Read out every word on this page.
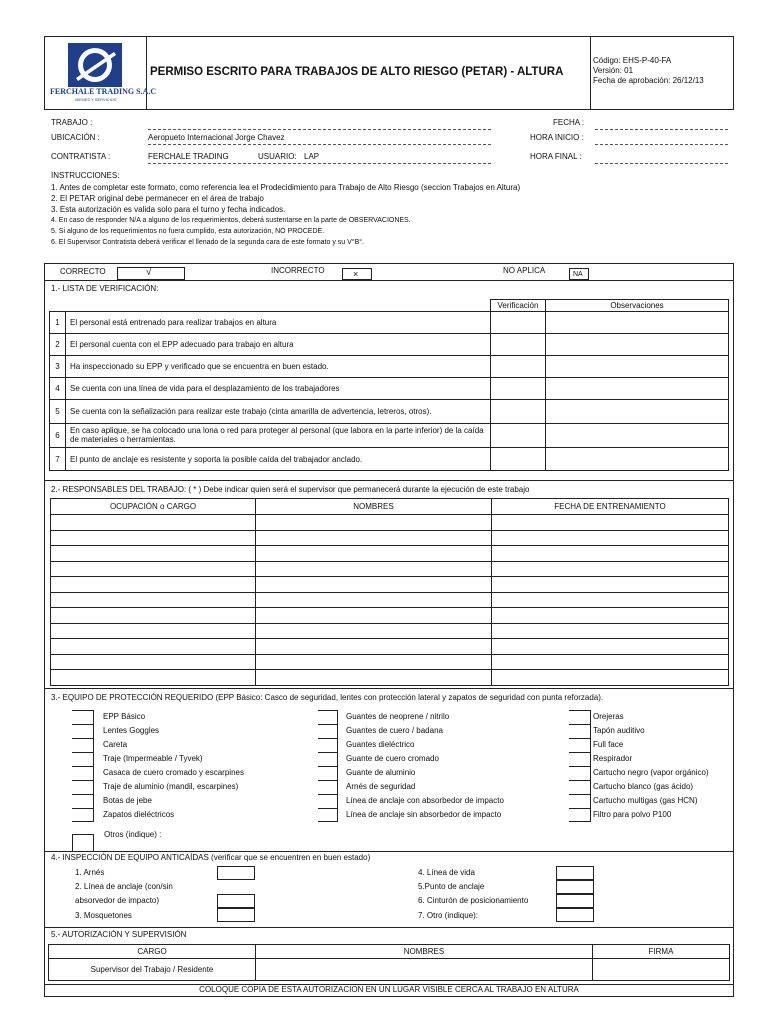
FERCHALE TRADING S.A.C
BIENES Y SERVICIOS
PERMISO ESCRITO PARA TRABAJOS DE ALTO RIESGO (PETAR) - ALTURA
Código: EHS-P-40-FA
Versión: 01
Fecha de aprobación: 26/12/13
TRABAJO :
UBICACIÓN :	Aeropueto Internacional Jorge Chavez
CONTRATISTA :	FERCHALE TRADING	USUARIO: LAP
FECHA :
HORA INICIO :
HORA FINAL :
INSTRUCCIONES:
1. Antes de completar este formato, como referencia lea el Prodecidimiento para Trabajo de Alto Riesgo (seccion Trabajos en Altura)
2. El PETAR original debe permanecer en el área de trabajo
3. Esta autorización es valida solo para el turno y fecha indicados.
4. En caso de responder N/A a alguno de los requerimientos, deberá sustentarse en la parte de OBSERVACIONES.
5. Si alguno de los requerimientos no fuera cumplido, esta autorización, NO PROCEDE.
6. El Supervisor Contratista deberá verificar el llenado de la segunda cara de este formato y su V°B°.
CORRECTO	√	INCORRECTO	×	NO APLICA	NA
1.- LISTA DE VERIFICACIÓN:
		Verificación	Observaciones
1	El personal está entrenado para realizar trabajos en altura		
2	El personal cuenta con el EPP adecuado para trabajo en altura		
3	Ha inspeccionado su EPP y verificado que se encuentra en buen estado.		
4	Se cuenta con una línea de vida para el desplazamiento de los trabajadores		
5	Se cuenta con la señalización para realizar este trabajo (cinta amarilla de advertencia, letreros, otros).		
6	En caso aplique, se ha colocado una lona o red para proteger al personal (que labora en la parte inferior) de la caída de materiales o herramientas.		
7	El punto de anclaje es resistente y soporta la posible caída del trabajador anclado.		
2.- RESPONSABLES DEL TRABAJO: ( * ) Debe indicar quien será el supervisor que permanecerá durante la ejecución de este trabajo
OCUPACIÓN o CARGO	NOMBRES	FECHA DE ENTRENAMIENTO

3.- EQUIPO DE PROTECCIÓN REQUERIDO (EPP Básico: Casco de seguridad, lentes con protección lateral y zapatos de seguridad con punta reforzada).
EPP Básico
Lentes Goggles
Careta
Traje (Impermeable / Tyvek)
Casaca de cuero cromado y escarpines
Traje de aluminio (mandil, escarpines)
Botas de jebe
Zapatos dieléctricos
Guantes de neoprene / nitrilo
Guantes de cuero / badana
Guantes dieléctrico
Guante de cuero cromado
Guante de aluminio
Arnés de seguridad
Línea de anclaje con absorbedor de impacto
Línea de anclaje sin absorbedor de impacto
Orejeras
Tapón auditivo
Full face
Respirador
Cartucho negro (vapor orgánico)
Cartucho blanco (gas ácido)
Cartucho multigas (gas HCN)
Filtro para polvo P100
Otros (indique) :
4.- INSPECCIÓN DE EQUIPO ANTICAÍDAS (verificar que se encuentren en buen estado)
1. Arnés
2. Línea de anclaje (con/sin
absorvedor de impacto)
3. Mosquetones
4. Línea de vida
5.Punto de anclaje
6. Cinturón de posicionamiento
7. Otro (indique):
5.- AUTORIZACIÓN Y SUPERVISIÓN
CARGO	NOMBRES	FIRMA
Supervisor del Trabajo / Residente		
COLOQUE COPIA DE ESTA AUTORIZACION EN UN LUGAR VISIBLE CERCA AL TRABAJO EN ALTURA
